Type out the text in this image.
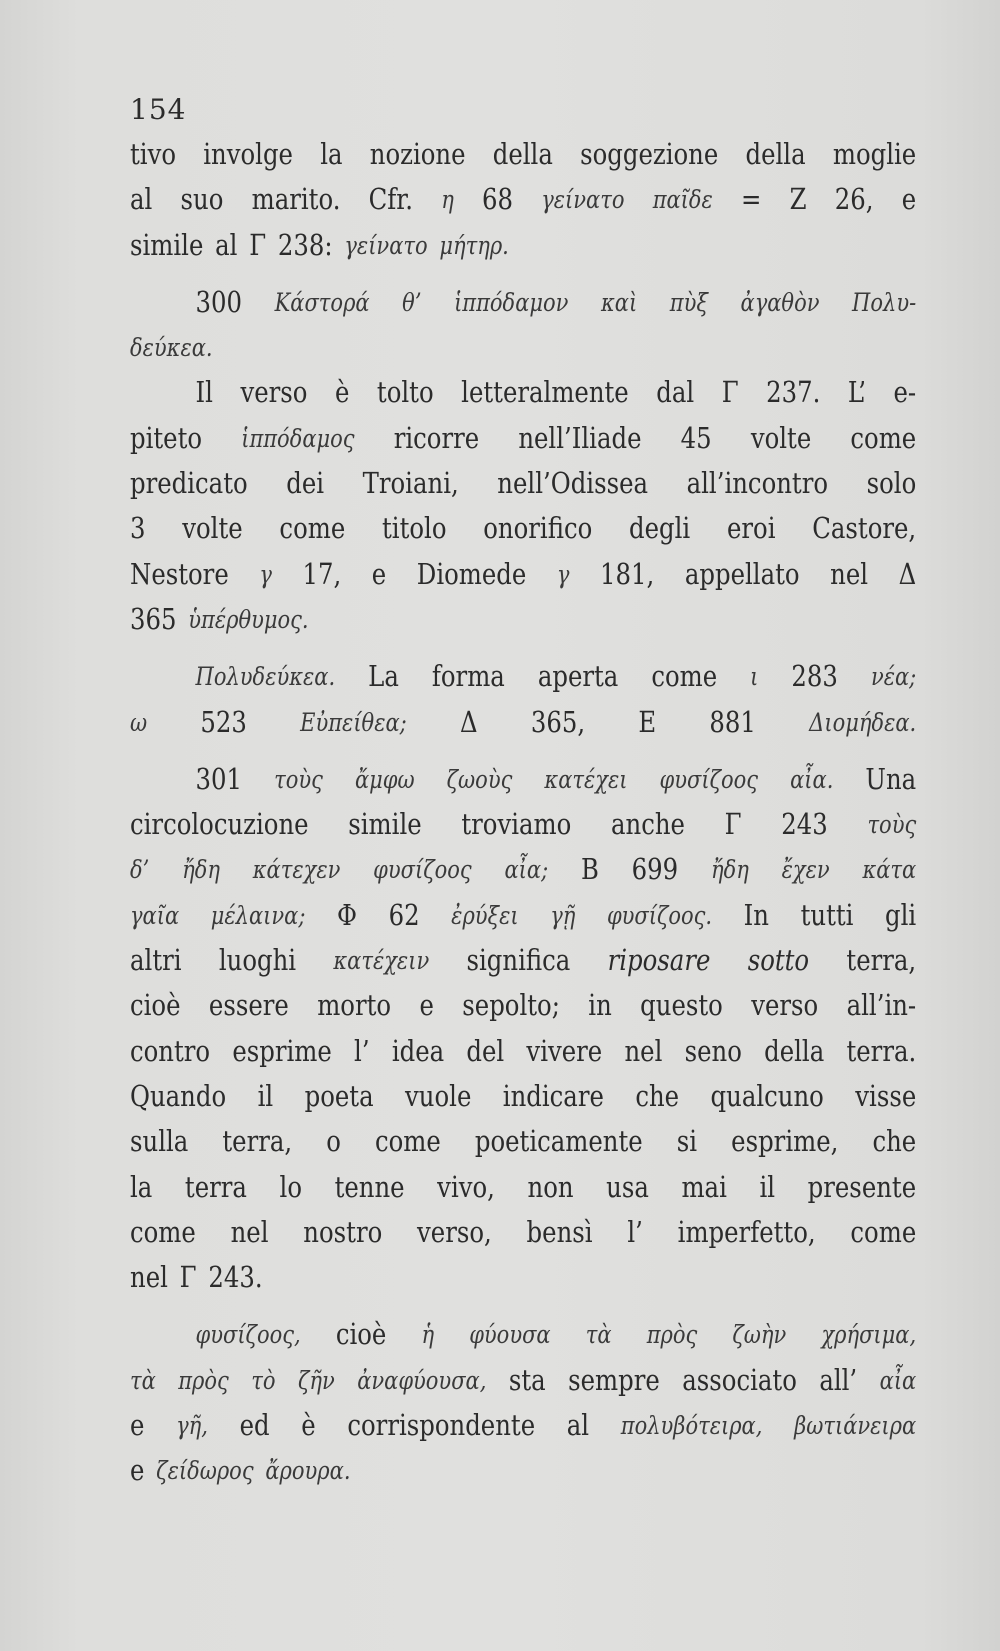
154
tivo involge la nozione della soggezione della moglie
al suo marito. Cfr. η 68 γείνατο παῖδε = Z 26, e
simile al Γ 238: γείνατο μήτηρ.
300 Κάστορά θ’ ἱππόδαμον καὶ πὺξ ἀγαθὸν Πολυ-
δεύκεα.
Il verso è tolto letteralmente dal Γ 237. L’ e-
piteto ἱππόδαμος ricorre nell’Iliade 45 volte come
predicato dei Troiani, nell’Odissea all’incontro solo
3 volte come titolo onorifico degli eroi Castore,
Nestore γ 17, e Diomede γ 181, appellato nel Δ
365 ὑπέρθυμος.
Πολυδεύκεα. La forma aperta come ι 283 νέα;
ω 523 Εὐπείθεα; Δ 365, E 881 Διομήδεα.
301 τοὺς ἄμφω ζωοὺς κατέχει φυσίζοος αἶα. Una
circolocuzione simile troviamo anche Γ 243 τοὺς
δ’ ἤδη κάτεχεν φυσίζοος αἶα; B 699 ἤδη ἔχεν κάτα
γαῖα μέλαινα; Φ 62 ἐρύξει γῇ φυσίζοος. In tutti gli
altri luoghi κατέχειν significa riposare sotto terra,
cioè essere morto e sepolto; in questo verso all’in-
contro esprime l’ idea del vivere nel seno della terra.
Quando il poeta vuole indicare che qualcuno visse
sulla terra, o come poeticamente si esprime, che
la terra lo tenne vivo, non usa mai il presente
come nel nostro verso, bensì l’ imperfetto, come
nel Γ 243.
φυσίζοος, cioè ἡ φύουσα τὰ πρὸς ζωὴν χρήσιμα,
τὰ πρὸς τὸ ζῆν ἀναφύουσα, sta sempre associato all’ αἶα
e γῆ, ed è corrispondente al πολυβότειρα, βωτιάνειρα
e ζείδωρος ἄρουρα.
